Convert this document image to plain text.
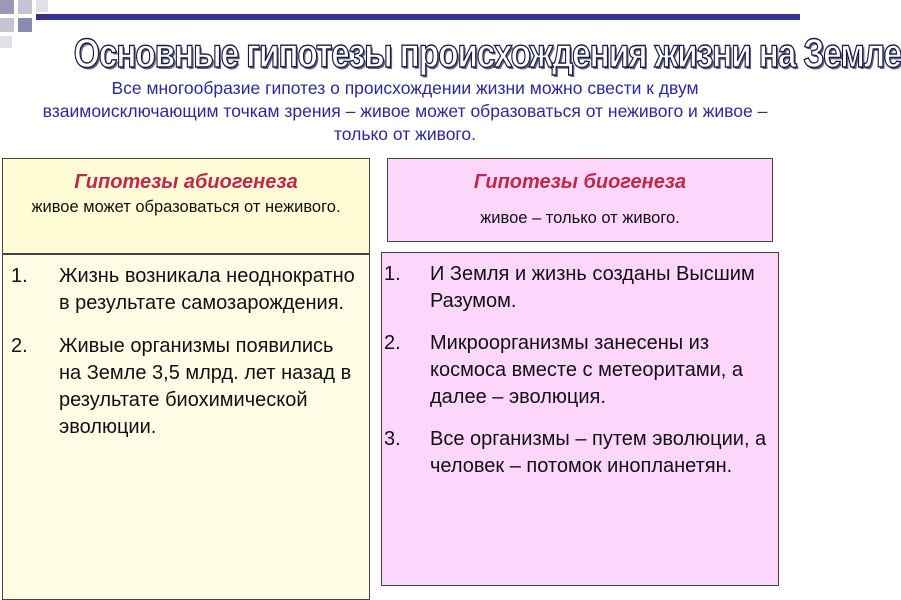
Основные гипотезы происхождения жизни на Земле

Все многообразие гипотез о происхождении жизни можно свести к двум взаимоисключающим точкам зрения – живое может образоваться от неживого и живое – только от живого.

Гипотезы абиогенеза
живое может образоваться от неживого.
Гипотезы биогенеза
живое – только от живого.
1. Жизнь возникала неоднократно в результате самозарождения.
2. Живые организмы появились на Земле 3,5 млрд. лет назад в результате биохимической эволюции.
1. И Земля и жизнь созданы Высшим Разумом.
2. Микроорганизмы занесены из космоса вместе с метеоритами, а далее – эволюция.
3. Все организмы – путем эволюции, а человек – потомок инопланетян.
